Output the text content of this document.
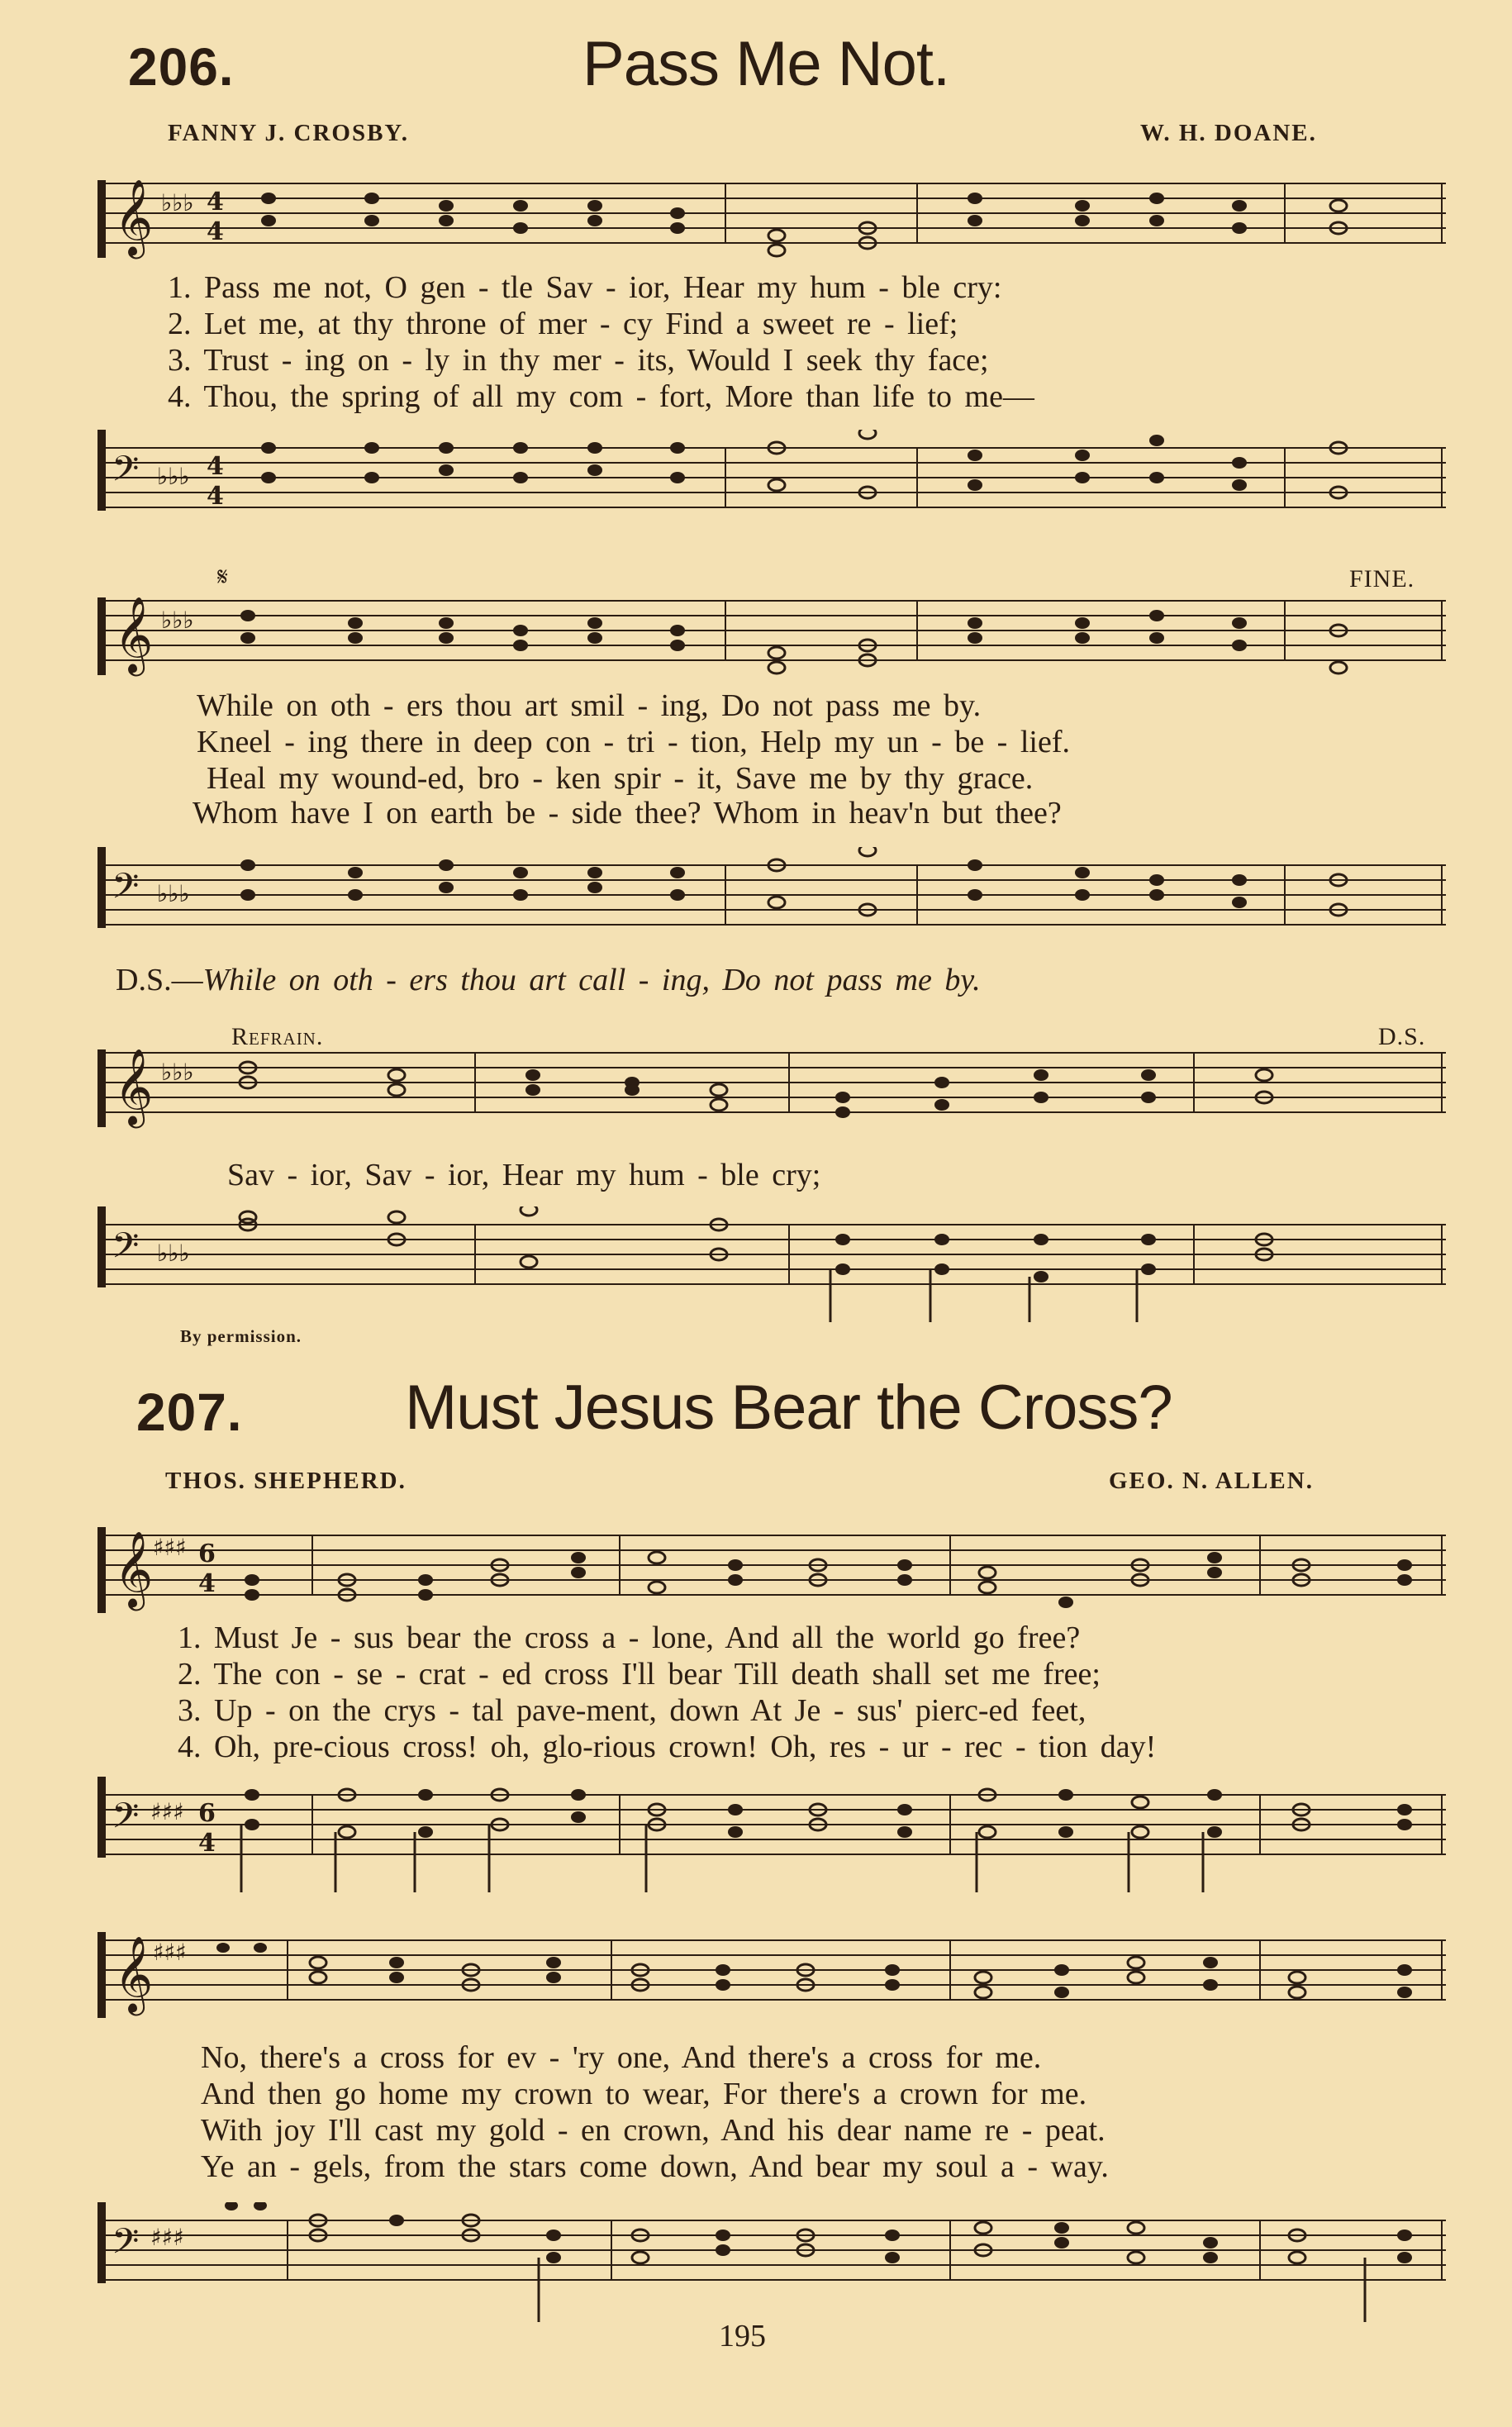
206.	Pass Me Not.
FANNY J. CROSBY.	W. H. DOANE.
𝄞 ♭♭♭ 4
4
1. Pass me not, O gen - tle Sav - ior, Hear my hum - ble cry:
2. Let me, at thy throne of mer - cy Find a sweet re - lief;
3. Trust - ing on - ly in thy mer - its, Would I seek thy face;
4. Thou, the spring of all my com - fort, More than life to me—
𝄢 ♭♭♭ 4
4
𝄋	FINE.
𝄞 ♭♭♭
While on oth - ers thou art smil - ing, Do not pass me by.
Kneel - ing there in deep con - tri - tion, Help my un - be - lief.
Heal my wound-ed, bro - ken spir - it, Save me by thy grace.
Whom have I on earth be - side thee? Whom in heav'n but thee?
𝄢 ♭♭♭
D.S.—While on oth - ers thou art call - ing, Do not pass me by.
Refrain.	D.S.
𝄞 ♭♭♭
Sav - ior, Sav - ior, Hear my hum - ble cry;
𝄢 ♭♭♭
By permission.
207.	Must Jesus Bear the Cross?
THOS. SHEPHERD.	GEO. N. ALLEN.
𝄞 ♯♯♯ 6
4
1. Must Je - sus bear the cross a - lone, And all the world go free?
2. The con - se - crat - ed cross I'll bear Till death shall set me free;
3. Up - on the crys - tal pave-ment, down At Je - sus' pierc-ed feet,
4. Oh, pre-cious cross! oh, glo-rious crown! Oh, res - ur - rec - tion day!
𝄢 ♯♯♯ 6
4
𝄞 ♯♯♯
No, there's a cross for ev - 'ry one, And there's a cross for me.
And then go home my crown to wear, For there's a crown for me.
With joy I'll cast my gold - en crown, And his dear name re - peat.
Ye an - gels, from the stars come down, And bear my soul a - way.
𝄢 ♯♯♯
195
